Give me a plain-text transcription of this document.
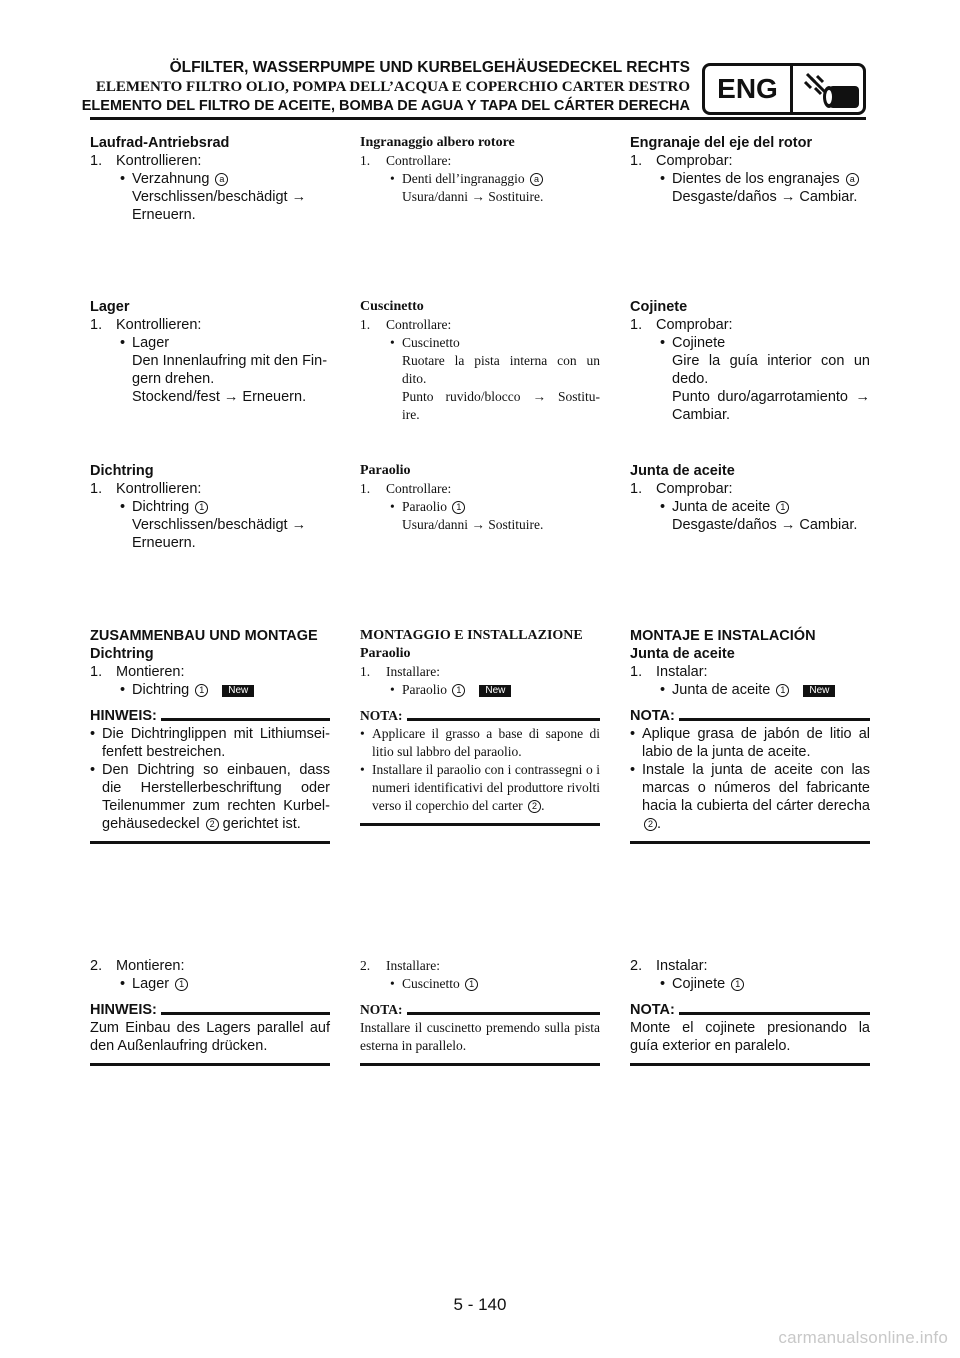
ÖLFILTER, WASSERPUMPE UND KURBELGEHÄUSEDECKEL RECHTS
ELEMENTO FILTRO OLIO, POMPA DELL’ACQUA E COPERCHIO CARTER DESTRO
ELEMENTO DEL FILTRO DE ACEITE, BOMBA DE AGUA Y TAPA DEL CÁRTER DERECHA
ENG
Laufrad-Antriebsrad
1. Kontrollieren:
• Verzahnung a
Verschlissen/beschädigt →
Erneuern.
Lager
1. Kontrollieren:
• Lager
Den Innenlaufring mit den Fin-
gern drehen.
Stockend/fest → Erneuern.
Dichtring
1. Kontrollieren:
• Dichtring 1
Verschlissen/beschädigt →
Erneuern.
ZUSAMMENBAU UND MONTAGE
Dichtring
1. Montieren:
• Dichtring 1 New
HINWEIS:
• Die Dichtringlippen mit Lithiumseifenfett bestreichen.
• Den Dichtring so einbauen, dass die Herstellerbeschriftung oder Teilenummer zum rechten Kurbelgehäusedeckel 2 gerichtet ist.
2. Montieren:
• Lager 1
HINWEIS:
Zum Einbau des Lagers parallel auf den Außenlaufring drücken.
Ingranaggio albero rotore
1.	Controllare:
• Denti dell’ingranaggio a
Usura/danni → Sostituire.
Cuscinetto
1.	Controllare:
• Cuscinetto
Ruotare la pista interna con un
dito.
Punto ruvido/blocco → Sostitu-
ire.
Paraolio
1.	Controllare:
• Paraolio 1
Usura/danni → Sostituire.
MONTAGGIO E INSTALLAZIONE
Paraolio
1.	Installare:
• Paraolio 1 New
NOTA:
• Applicare il grasso a base di sapone di litio sul labbro del paraolio.
• Installare il paraolio con i contrassegni o i numeri identificativi del produttore rivolti verso il coperchio del carter 2 .
2.	Installare:
• Cuscinetto 1
NOTA:
Installare il cuscinetto premendo sulla pista esterna in parallelo.
Engranaje del eje del rotor
1. Comprobar:
• Dientes de los engranajes a
Desgaste/daños → Cambiar.
Cojinete
1. Comprobar:
• Cojinete
Gire la guía interior con un
dedo.
Punto duro/agarrotamiento →
Cambiar.
Junta de aceite
1. Comprobar:
• Junta de aceite 1
Desgaste/daños → Cambiar.
MONTAJE E INSTALACIÓN
Junta de aceite
1. Instalar:
• Junta de aceite 1 New
NOTA:
• Aplique grasa de jabón de litio al labio de la junta de aceite.
• Instale la junta de aceite con las marcas o números del fabricante hacia la cubierta del cárter derecha 2 .
2. Instalar:
• Cojinete 1
NOTA:
Monte el cojinete presionando la guía exterior en paralelo.
5 - 140
carmanualsonline.info
